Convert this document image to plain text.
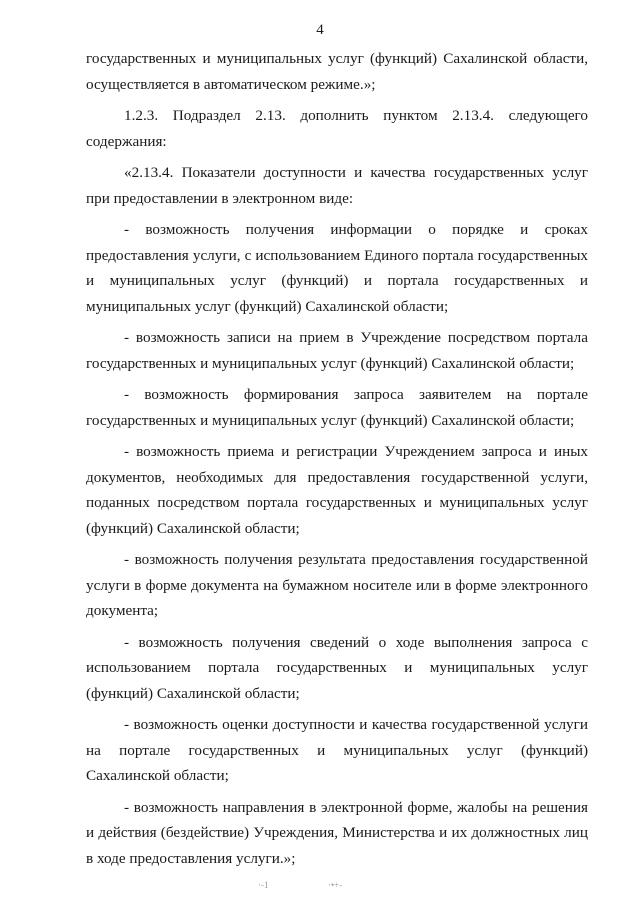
4

государственных и муниципальных услуг (функций) Сахалинской области, осуществляется в автоматическом режиме.»;

1.2.3. Подраздел 2.13. дополнить пунктом 2.13.4. следующего содержания:

«2.13.4. Показатели доступности и качества государственных услуг при предоставлении в электронном виде:

- возможность получения информации о порядке и сроках предоставления услуги, с использованием Единого портала государственных и муниципальных услуг (функций) и портала государственных и муниципальных услуг (функций) Сахалинской области;

- возможность записи на прием в Учреждение посредством портала государственных и муниципальных услуг (функций) Сахалинской области;

- возможность формирования запроса заявителем на портале государственных и муниципальных услуг (функций) Сахалинской области;

- возможность приема и регистрации Учреждением запроса и иных документов, необходимых для предоставления государственной услуги, поданных посредством портала государственных и муниципальных услуг (функций) Сахалинской области;

- возможность получения результата предоставления государственной услуги в форме документа на бумажном носителе или в форме электронного документа;

- возможность получения сведений о ходе выполнения запроса с использованием портала государственных и муниципальных услуг (функций) Сахалинской области;

- возможность оценки доступности и качества государственной услуги на портале государственных и муниципальных услуг (функций) Сахалинской области;

- возможность направления в электронной форме, жалобы на решения и действия (бездействие) Учреждения, Министерства и их должностных лиц в ходе предоставления услуги.»;

·-1	·•+-
